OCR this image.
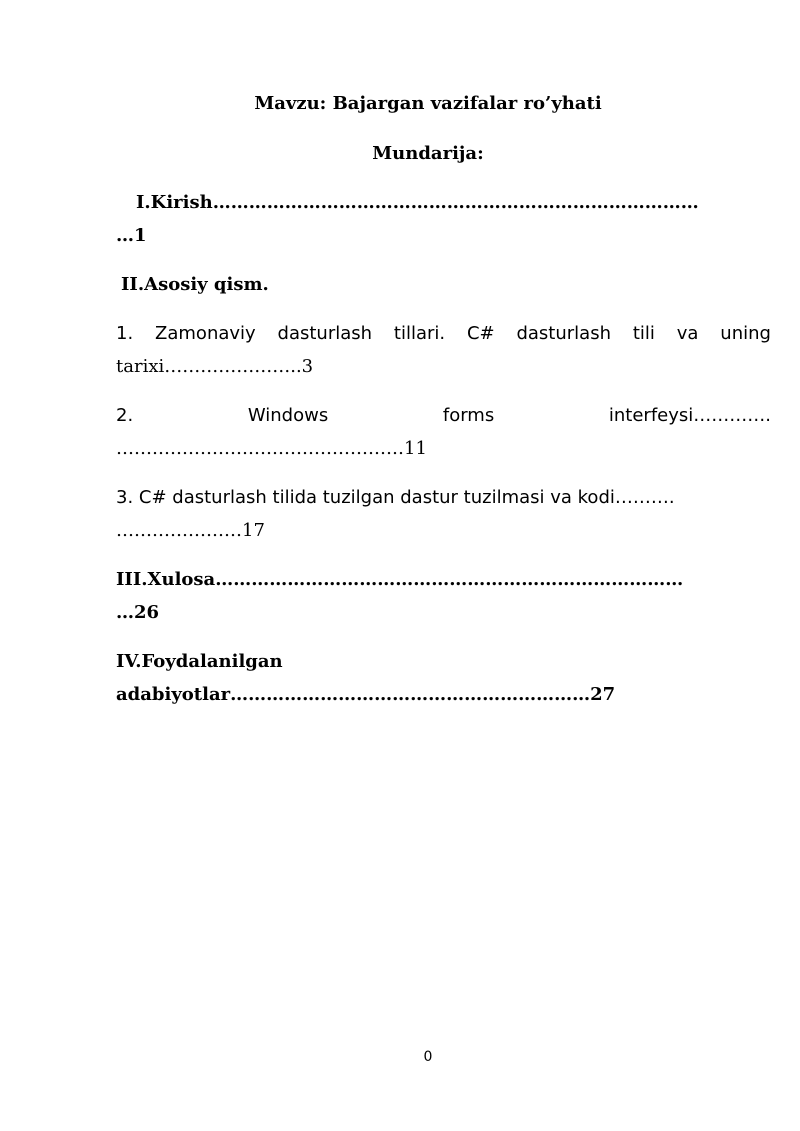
Mavzu: Bajargan vazifalar ro’yhati
Mundarija:
I.Kirish………………………………………………………………………
…1
II.Asosiy qism.
1. Zamonaviy dasturlash tillari. C# dasturlash tili va uning
tarixi…………………..3
2.	Windows	forms	interfeysi………….
…………………………………………11
3. C# dasturlash tilida tuzilgan dastur tuzilmasi va kodi……….
…………………17
III.Xulosa……………………………………………………………………
…26
IV.Foydalanilgan
adabiyotlar……………………………………………………27
0
